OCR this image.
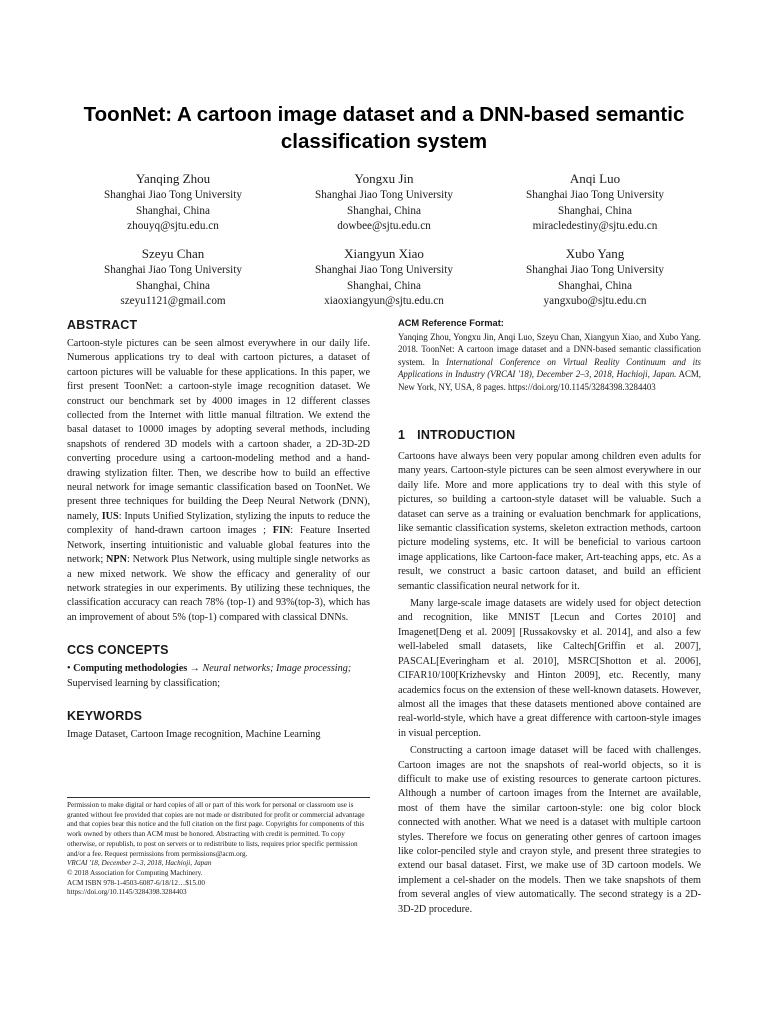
ToonNet: A cartoon image dataset and a DNN-based semantic classification system
Yanqing Zhou
Shanghai Jiao Tong University
Shanghai, China
zhouyq@sjtu.edu.cn
Yongxu Jin
Shanghai Jiao Tong University
Shanghai, China
dowbee@sjtu.edu.cn
Anqi Luo
Shanghai Jiao Tong University
Shanghai, China
miracledestiny@sjtu.edu.cn
Szeyu Chan
Shanghai Jiao Tong University
Shanghai, China
szeyu1121@gmail.com
Xiangyun Xiao
Shanghai Jiao Tong University
Shanghai, China
xiaoxiangyun@sjtu.edu.cn
Xubo Yang
Shanghai Jiao Tong University
Shanghai, China
yangxubo@sjtu.edu.cn
ABSTRACT

Cartoon-style pictures can be seen almost everywhere in our daily life. Numerous applications try to deal with cartoon pictures, a dataset of cartoon pictures will be valuable for these applications. In this paper, we first present ToonNet: a cartoon-style image recognition dataset. We construct our benchmark set by 4000 images in 12 different classes collected from the Internet with little manual filtration. We extend the basal dataset to 10000 images by adopting several methods, including snapshots of rendered 3D models with a cartoon shader, a 2D-3D-2D converting procedure using a cartoon-modeling method and a hand-drawing stylization filter. Then, we describe how to build an effective neural network for image semantic classification based on ToonNet. We present three techniques for building the Deep Neural Network (DNN), namely, IUS: Inputs Unified Stylization, stylizing the inputs to reduce the complexity of hand-drawn cartoon images ; FIN: Feature Inserted Network, inserting intuitionistic and valuable global features into the network; NPN: Network Plus Network, using multiple single networks as a new mixed network. We show the efficacy and generality of our network strategies in our experiments. By utilizing these techniques, the classification accuracy can reach 78% (top-1) and 93%(top-3), which has an improvement of about 5% (top-1) compared with classical DNNs.

CCS CONCEPTS

• Computing methodologies → Neural networks; Image processing; Supervised learning by classification;

KEYWORDS

Image Dataset, Cartoon Image recognition, Machine Learning

Permission to make digital or hard copies of all or part of this work for personal or classroom use is granted without fee provided that copies are not made or distributed for profit or commercial advantage and that copies bear this notice and the full citation on the first page. Copyrights for components of this work owned by others than ACM must be honored. Abstracting with credit is permitted. To copy otherwise, or republish, to post on servers or to redistribute to lists, requires prior specific permission and/or a fee. Request permissions from permissions@acm.org.

VRCAI '18, December 2–3, 2018, Hachioji, Japan

© 2018 Association for Computing Machinery.

ACM ISBN 978-1-4503-6087-6/18/12…$15.00

https://doi.org/10.1145/3284398.3284403

ACM Reference Format:

Yanqing Zhou, Yongxu Jin, Anqi Luo, Szeyu Chan, Xiangyun Xiao, and Xubo Yang. 2018. ToonNet: A cartoon image dataset and a DNN-based semantic classification system. In International Conference on Virtual Reality Continuum and its Applications in Industry (VRCAI '18), December 2–3, 2018, Hachioji, Japan. ACM, New York, NY, USA, 8 pages. https://doi.org/10.1145/3284398.3284403

1 INTRODUCTION

Cartoons have always been very popular among children even adults for many years. Cartoon-style pictures can be seen almost everywhere in our daily life. More and more applications try to deal with this style of pictures, so building a cartoon-style dataset will be valuable. Such a dataset can serve as a training or evaluation benchmark for applications, like semantic classification systems, skeleton extraction methods, cartoon picture modeling systems, etc. It will be beneficial to various cartoon image applications, like Cartoon-face maker, Art-teaching apps, etc. As a result, we construct a basic cartoon dataset, and build an efficient semantic classification neural network for it.

Many large-scale image datasets are widely used for object detection and recognition, like MNIST [Lecun and Cortes 2010] and Imagenet[Deng et al. 2009] [Russakovsky et al. 2014], and also a few well-labeled small datasets, like Caltech[Griffin et al. 2007], PASCAL[Everingham et al. 2010], MSRC[Shotton et al. 2006], CIFAR10/100[Krizhevsky and Hinton 2009], etc. Recently, many academics focus on the extension of these well-known datasets. However, almost all the images that these datasets mentioned above contained are real-world-style, which have a great difference with cartoon-style images in visual perception.

Constructing a cartoon image dataset will be faced with challenges. Cartoon images are not the snapshots of real-world objects, so it is difficult to make use of existing resources to generate cartoon pictures. Although a number of cartoon images from the Internet are available, most of them have the similar cartoon-style: one big color block connected with another. What we need is a dataset with multiple cartoon styles. Therefore we focus on generating other genres of cartoon images like color-penciled style and crayon style, and present three strategies to extend our basal dataset. First, we make use of 3D cartoon models. We implement a cel-shader on the models. Then we take snapshots of them from several angles of view automatically. The second strategy is a 2D-3D-2D procedure.
